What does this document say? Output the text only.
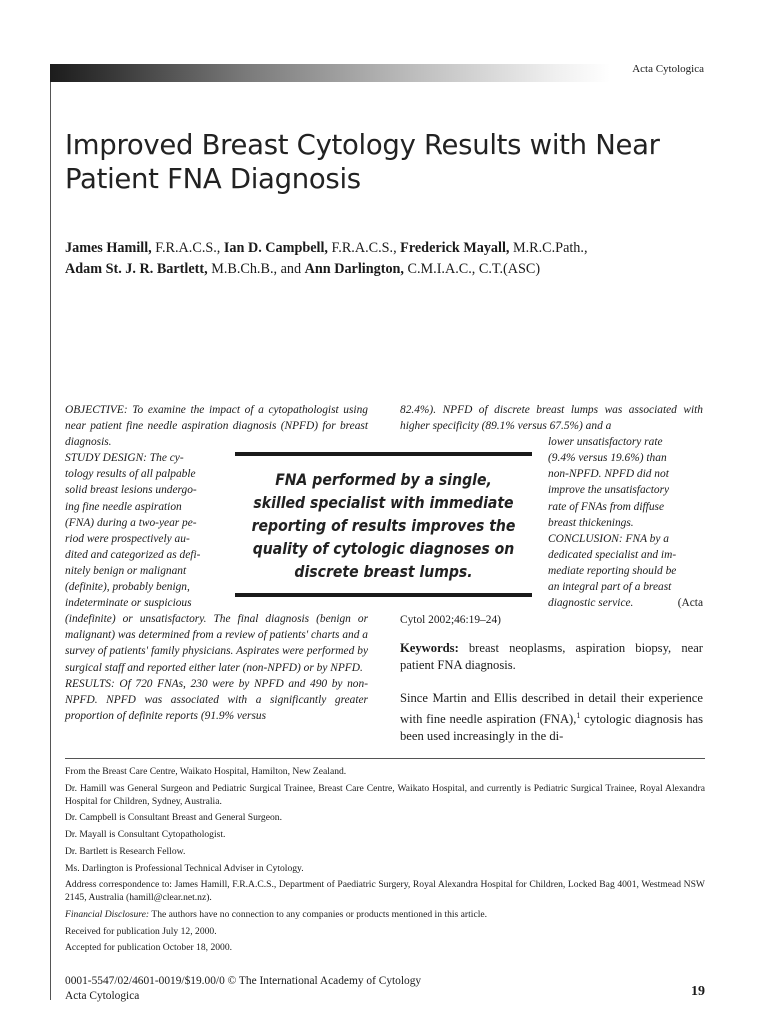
Acta Cytologica
Improved Breast Cytology Results with Near Patient FNA Diagnosis
James Hamill, F.R.A.C.S., Ian D. Campbell, F.R.A.C.S., Frederick Mayall, M.R.C.Path.,
Adam St. J. R. Bartlett, M.B.Ch.B., and Ann Darlington, C.M.I.A.C., C.T.(ASC)

OBJECTIVE: To examine the impact of a cytopathologist using near patient fine needle aspiration diagnosis (NPFD) for breast diagnosis.

STUDY DESIGN: The cy-
tology results of all palpable
solid breast lesions undergo-
ing fine needle aspiration
(FNA) during a two-year pe-
riod were prospectively au-
dited and categorized as defi-
nitely benign or malignant
(definite), probably benign,
indeterminate or suspicious

(indefinite) or unsatisfactory. The final diagnosis (benign or malignant) was determined from a review of patients' charts and a survey of patients' family physicians. Aspirates were performed by surgical staff and reported either later (non-NPFD) or by NPFD.

RESULTS: Of 720 FNAs, 230 were by NPFD and 490 by non-NPFD. NPFD was associated with a significantly greater proportion of definite reports (91.9% versus

82.4%). NPFD of discrete breast lumps was associated with higher specificity (89.1% versus 67.5%) and a

lower unsatisfactory rate
(9.4% versus 19.6%) than
non-NPFD. NPFD did not
improve the unsatisfactory
rate of FNAs from diffuse
breast thickenings.
CONCLUSION: FNA by a
dedicated specialist and im-
mediate reporting should be
an integral part of a breast
diagnostic service.	(Acta
Cytol 2002;46:19–24)
FNA performed by a single, skilled specialist with immediate reporting of results improves the quality of cytologic diagnoses on discrete breast lumps.
Keywords: breast neoplasms, aspiration biopsy, near patient FNA diagnosis.
Since Martin and Ellis described in detail their experience with fine needle aspiration (FNA),$^1$ cytologic diagnosis has been used increasingly in the di-

From the Breast Care Centre, Waikato Hospital, Hamilton, New Zealand.

Dr. Hamill was General Surgeon and Pediatric Surgical Trainee, Breast Care Centre, Waikato Hospital, and currently is Pediatric Surgical Trainee, Royal Alexandra Hospital for Children, Sydney, Australia.

Dr. Campbell is Consultant Breast and General Surgeon.

Dr. Mayall is Consultant Cytopathologist.

Dr. Bartlett is Research Fellow.

Ms. Darlington is Professional Technical Adviser in Cytology.

Address correspondence to: James Hamill, F.R.A.C.S., Department of Paediatric Surgery, Royal Alexandra Hospital for Children, Locked Bag 4001, Westmead NSW 2145, Australia (hamill@clear.net.nz).

Financial Disclosure: The authors have no connection to any companies or products mentioned in this article.

Received for publication July 12, 2000.

Accepted for publication October 18, 2000.

0001-5547/02/4601-0019/$19.00/0 © The International Academy of Cytology
Acta Cytologica	19
